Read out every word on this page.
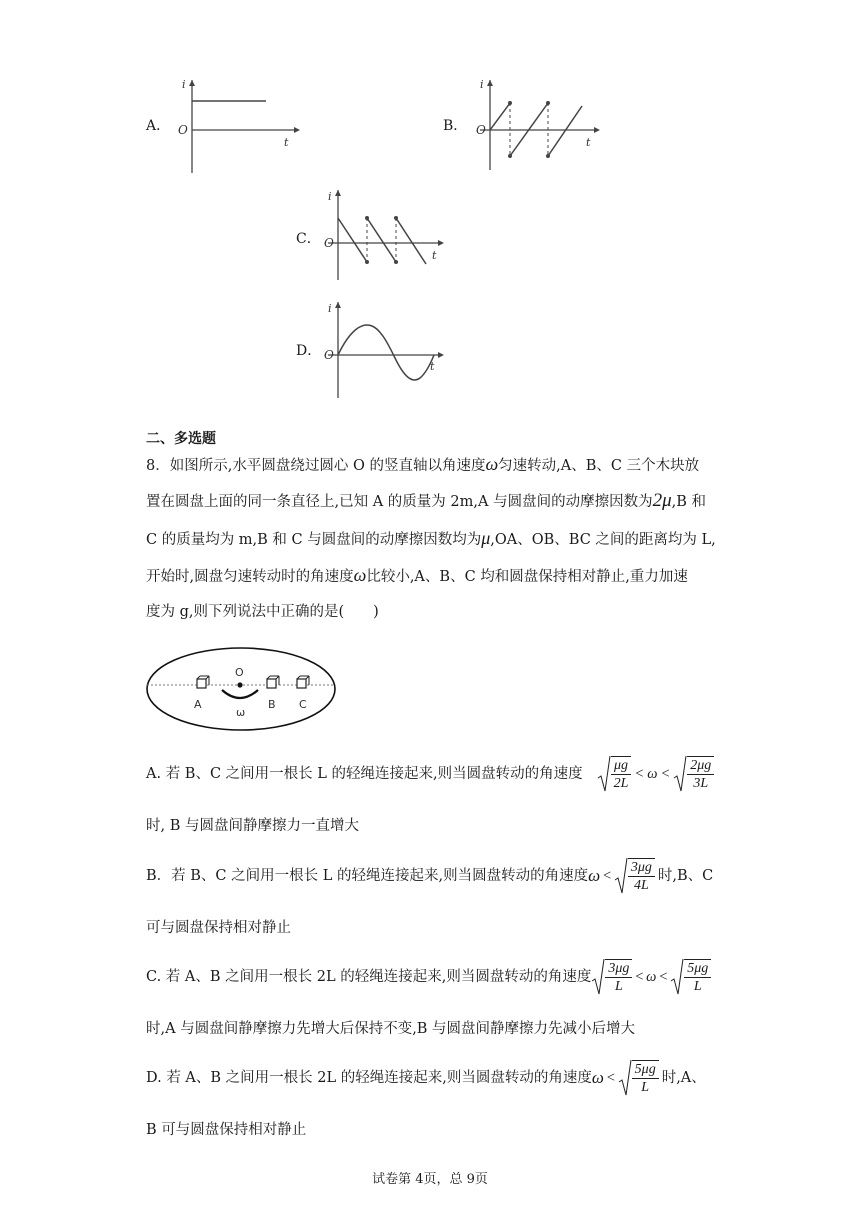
A．
i
O
t
B．
i
O
t
C．
i
O
t
D．
i
O
t
二、多选题
8．如图所示,水平圆盘绕过圆心 O 的竖直轴以角速度ω匀速转动,A、B、C 三个木块放
置在圆盘上面的同一条直径上,已知 A 的质量为 2m,A 与圆盘间的动摩擦因数为2μ,B 和
C 的质量均为 m,B 和 C 与圆盘间的动摩擦因数均为μ,OA、OB、BC 之间的距离均为 L,
开始时,圆盘匀速转动时的角速度ω比较小,A、B、C 均和圆盘保持相对静止,重力加速
度为 g,则下列说法中正确的是(　　)
O
A	B C
ω
A. 若 B、C 之间用一根长 L 的轻绳连接起来,则当圆盘转动的角速度 $\frac{\mu g}{2L} < \omega < \frac{2\mu g}{3L}$
时, B 与圆盘间静摩擦力一直增大
B．若 B、C 之间用一根长 L 的轻绳连接起来,则当圆盘转动的角速度 $\omega < \frac{3\mu g}{4L}$ 时,B、C
可与圆盘保持相对静止
C. 若 A、B 之间用一根长 2L 的轻绳连接起来,则当圆盘转动的角速度 $\frac{3\mu g}{L} < \omega < \frac{5\mu g}{L}$
时,A 与圆盘间静摩擦力先增大后保持不变,B 与圆盘间静摩擦力先减小后增大
D. 若 A、B 之间用一根长 2L 的轻绳连接起来,则当圆盘转动的角速度 $\omega < \frac{5\mu g}{L}$ 时,A、
B 可与圆盘保持相对静止
试卷第 4页，总 9页
